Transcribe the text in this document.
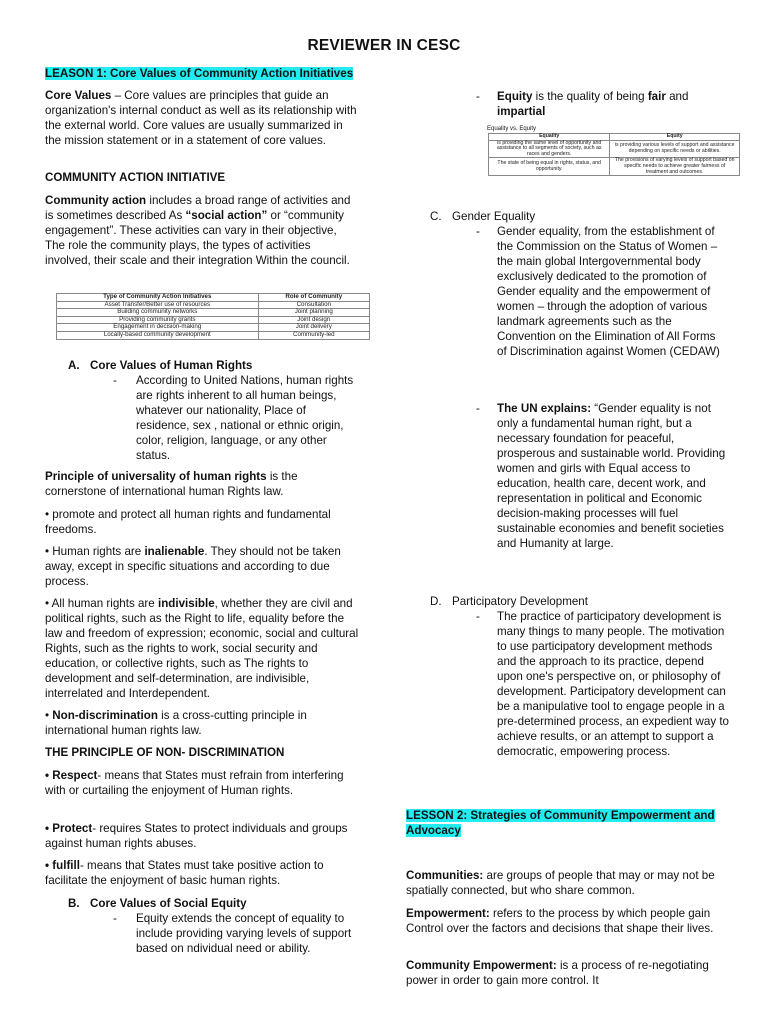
REVIEWER IN CESC
LEASON 1: Core Values of Community Action Initiatives

Core Values – Core values are principles that guide an organization's internal conduct as well as its relationship with the external world. Core values are usually summarized in the mission statement or in a statement of core values.

COMMUNITY ACTION INITIATIVE

Community action includes a broad range of activities and is sometimes described As “social action” or “community engagement”. These activities can vary in their objective, The role the community plays, the types of activities involved, their scale and their integration Within the council.

Type of Community Action Initiatives	Role of Community
Asset Transfer/Better use of resources	Consultation
Building community networks	Joint planning
Providing community grants	Joint design
Engagement in decision-making	Joint delivery
Locally-based community development	Community-led
A. Core Values of Human Rights
- According to United Nations, human rights are rights inherent to all human beings, whatever our nationality, Place of residence, sex , national or ethnic origin, color, religion, language, or any other status.

Principle of universality of human rights is the cornerstone of international human Rights law.

• promote and protect all human rights and fundamental freedoms.

• Human rights are inalienable. They should not be taken away, except in specific situations and according to due process.

• All human rights are indivisible, whether they are civil and political rights, such as the Right to life, equality before the law and freedom of expression; economic, social and cultural Rights, such as the rights to work, social security and education, or collective rights, such as The rights to development and self-determination, are indivisible, interrelated and Interdependent.

• Non-discrimination is a cross-cutting principle in international human rights law.

THE PRINCIPLE OF NON- DISCRIMINATION

• Respect- means that States must refrain from interfering with or curtailing the enjoyment of Human rights.

• Protect- requires States to protect individuals and groups against human rights abuses.

• fulfill- means that States must take positive action to facilitate the enjoyment of basic human rights.

B. Core Values of Social Equity
- Equity extends the concept of equality to include providing varying levels of support based on ndividual need or ability.

- Equity is the quality of being fair and impartial

Equality vs. Equity
Equality	Equity
is providing the same level of opportunity and assistance to all segments of society, such as races and genders.	is providing various levels of support and assistance depending on specific needs or abilities.
The state of being equal in rights, status, and opportunity.	The provisions of varying levels of support based on specific needs to achieve greater fairness of treatment and outcomes.
C. Gender Equality
- Gender equality, from the establishment of the Commission on the Status of Women – the main global Intergovernmental body exclusively dedicated to the promotion of Gender equality and the empowerment of women – through the adoption of various landmark agreements such as the Convention on the Elimination of All Forms of Discrimination against Women (CEDAW)

- The UN explains: “Gender equality is not only a fundamental human right, but a necessary foundation for peaceful, prosperous and sustainable world. Providing women and girls with Equal access to education, health care, decent work, and representation in political and Economic decision-making processes will fuel sustainable economies and benefit societies and Humanity at large.

D. Participatory Development
- The practice of participatory development is many things to many people. The motivation to use participatory development methods and the approach to its practice, depend upon one's perspective on, or philosophy of development. Participatory development can be a manipulative tool to engage people in a pre-determined process, an expedient way to achieve results, or an attempt to support a democratic, empowering process.

LESSON 2: Strategies of Community Empowerment and Advocacy

Communities: are groups of people that may or may not be spatially connected, but who share common.

Empowerment: refers to the process by which people gain Control over the factors and decisions that shape their lives.

Community Empowerment: is a process of re-negotiating power in order to gain more control. It
